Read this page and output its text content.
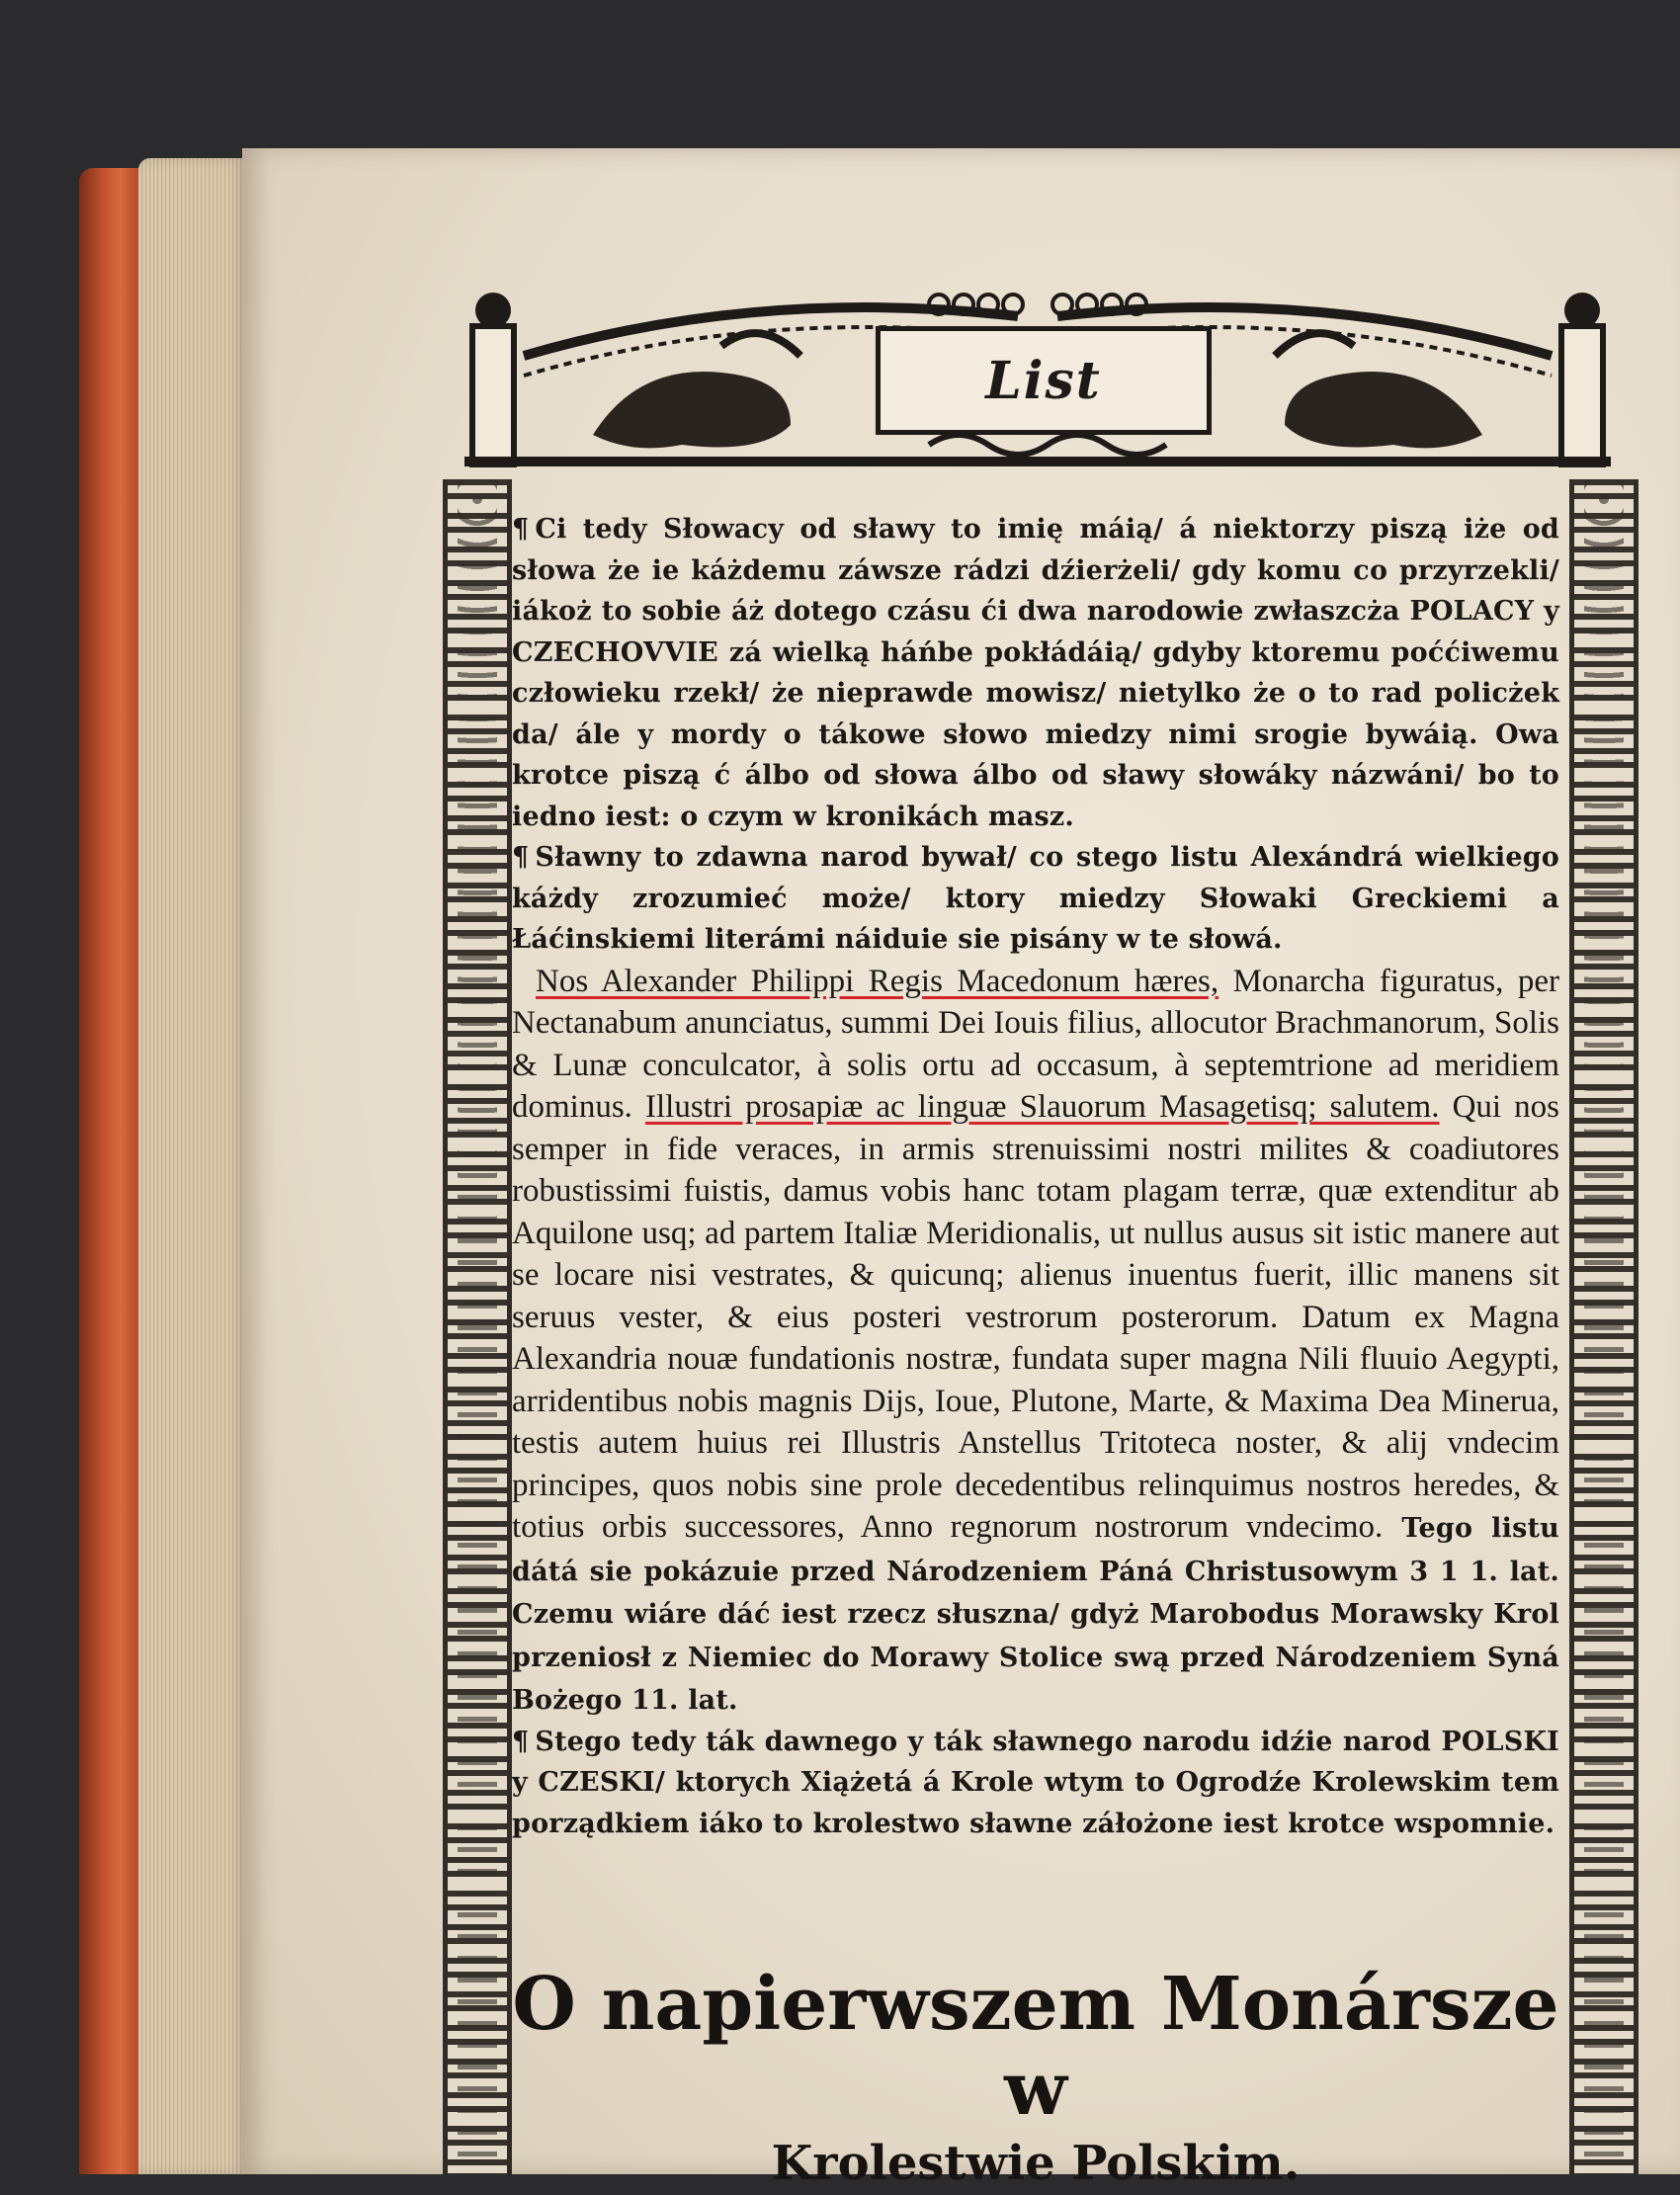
List

¶ Ci tedy Słowacy od sławy to imię máią/ á niektorzy piszą iże od słowa że ie káżdemu záwsze rádzi dźierżeli/ gdy komu co przyrzekli/ iákoż to sobie áż dotego czásu ći dwa narodowie zwłaszcża POLACY y CZECHOVVIE zá wielką háńbe pokłádáią/ gdyby ktoremu poććiwemu człowieku rzekł/ że nieprawde mowisz/ nietylko że o to rad policżek da/ ále y mordy o tákowe słowo miedzy nimi srogie bywáią. Owa krotce piszą ć álbo od słowa álbo od sławy słowáky názwáni/ bo to iedno iest: o czym w kronikách masz.

¶ Sławny to zdawna narod bywał/ co stego listu Alexándrá wielkiego káżdy zrozumieć może/ ktory miedzy Słowaki Greckiemi a Łáćinskiemi literámi náiduie sie pisány w te słowá.

Nos Alexander Philippi Regis Macedonum hæres, Monarcha figuratus, per Nectanabum anunciatus, summi Dei Iouis filius, allocutor Brachmanorum, Solis & Lunæ conculcator, à solis ortu ad occasum, à septemtrione ad meridiem dominus. Illustri prosapiæ ac linguæ Slauorum Masagetisq; salutem. Qui nos semper in fide veraces, in armis strenuissimi nostri milites & coadiutores robustissimi fuistis, damus vobis hanc totam plagam terræ, quæ extenditur ab Aquilone usq; ad partem Italiæ Meridionalis, ut nullus ausus sit istic manere aut se locare nisi vestrates, & quicunq; alienus inuentus fuerit, illic manens sit seruus vester, & eius posteri vestrorum posterorum. Datum ex Magna Alexandria nouæ fundationis nostræ, fundata super magna Nili fluuio Aegypti, arridentibus nobis magnis Dijs, Ioue, Plutone, Marte, & Maxima Dea Minerua, testis autem huius rei Illustris Anstellus Tritoteca noster, & alij vndecim principes, quos nobis sine prole decedentibus relinquimus nostros heredes, & totius orbis successores, Anno regnorum nostrorum vndecimo. Tego listu dátá sie pokázuie przed Národzeniem Páná Christusowym 3 1 1. lat. Czemu wiáre dáć iest rzecz słuszna/ gdyż Marobodus Morawsky Krol przeniosł z Niemiec do Morawy Stolice swą przed Národzeniem Syná Bożego 11. lat.

¶ Stego tedy ták dawnego y ták sławnego narodu idźie narod POLSKI y CZESKI/ ktorych Xiążetá á Krole wtym to Ogrodźe Krolewskim tem porządkiem iáko to krolestwo sławne záłożone iest krotce wspomnie.

O napierwszem Monársze w
Krolestwie Polskim.
